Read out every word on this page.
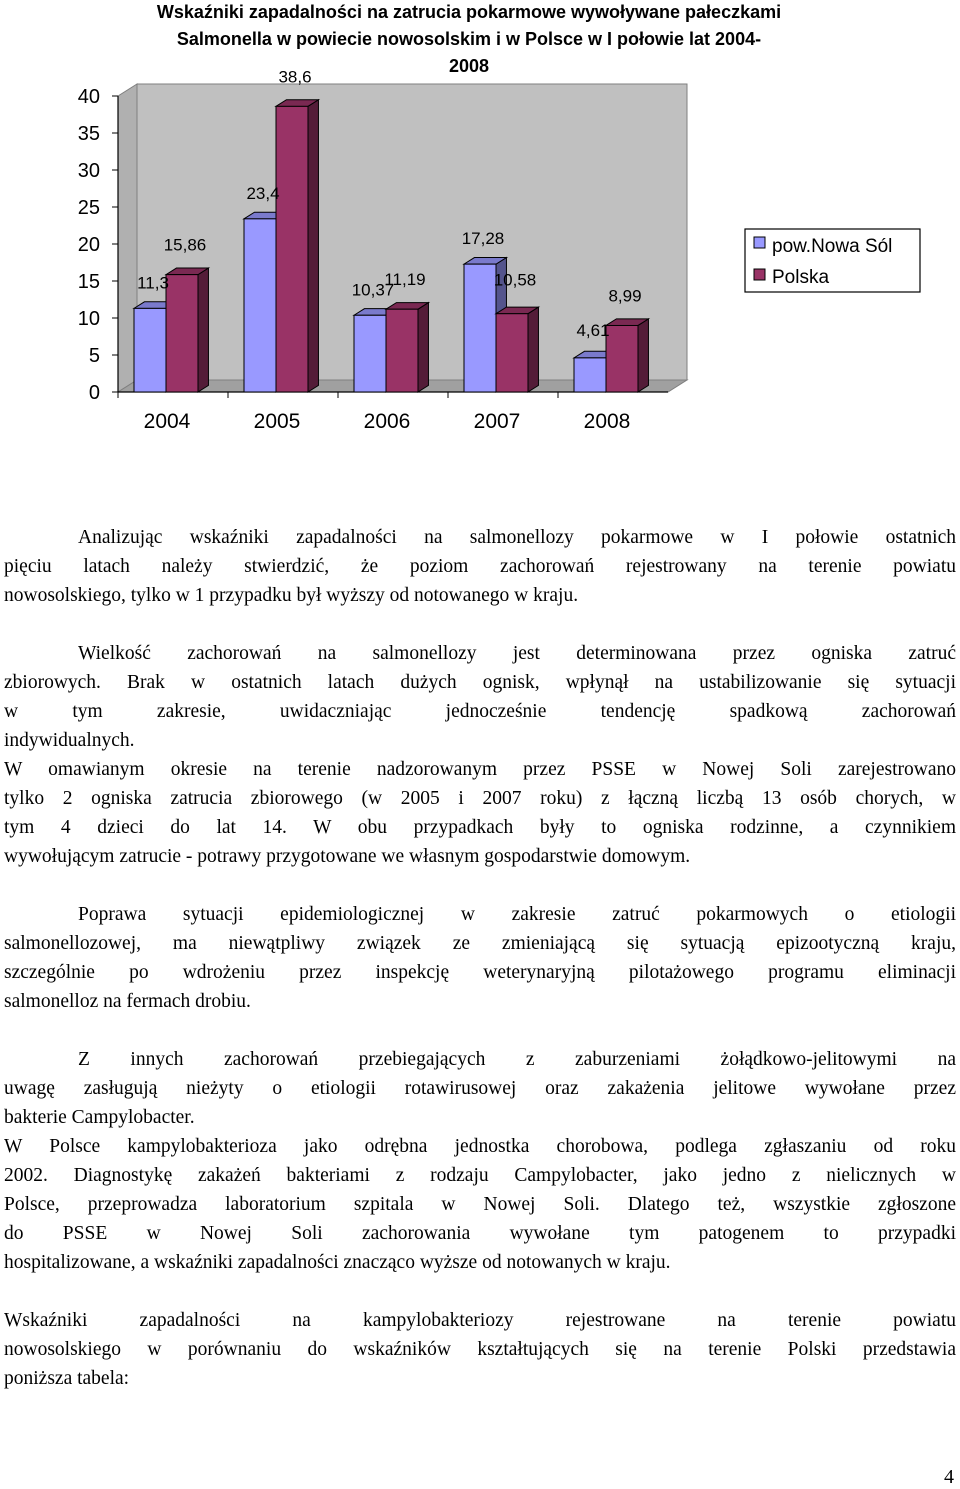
Wskaźniki zapadalności na zatrucia pokarmowe wywoływane pałeczkami
Salmonella w powiecie nowosolskim i w Polsce w I połowie lat 2004-
2008
0
5
10
15
20
25
30
35
40
2004	2005	2006	2007	2008
11,3
15,86
23,4
38,6
10,37
11,19
17,28
10,58
4,61
8,99
pow.Nowa Sól
Polska

Analizując wskaźniki zapadalności na salmonellozy pokarmowe w I połowie ostatnich

pięciu latach należy stwierdzić, że poziom zachorowań rejestrowany na terenie powiatu

nowosolskiego, tylko w 1 przypadku był wyższy od notowanego w kraju.

Wielkość zachorowań na salmonellozy jest determinowana przez ogniska zatruć

zbiorowych. Brak w ostatnich latach dużych ognisk, wpłynął na ustabilizowanie się sytuacji

w tym zakresie, uwidaczniając jednocześnie tendencję spadkową zachorowań

indywidualnych.

W omawianym okresie na terenie nadzorowanym przez PSSE w Nowej Soli zarejestrowano

tylko 2 ogniska zatrucia zbiorowego (w 2005 i 2007 roku) z łączną liczbą 13 osób chorych, w

tym 4 dzieci do lat 14. W obu przypadkach były to ogniska rodzinne, a czynnikiem

wywołującym zatrucie - potrawy przygotowane we własnym gospodarstwie domowym.

Poprawa sytuacji epidemiologicznej w zakresie zatruć pokarmowych o etiologii

salmonellozowej, ma niewątpliwy związek ze zmieniającą się sytuacją epizootyczną kraju,

szczególnie po wdrożeniu przez inspekcję weterynaryjną pilotażowego programu eliminacji

salmonelloz na fermach drobiu.

Z innych zachorowań przebiegających z zaburzeniami żołądkowo-jelitowymi na

uwagę zasługują nieżyty o etiologii rotawirusowej oraz zakażenia jelitowe wywołane przez

bakterie Campylobacter.

W Polsce kampylobakterioza jako odrębna jednostka chorobowa, podlega zgłaszaniu od roku

2002. Diagnostykę zakażeń bakteriami z rodzaju Campylobacter, jako jedno z nielicznych w

Polsce, przeprowadza laboratorium szpitala w Nowej Soli. Dlatego też, wszystkie zgłoszone

do PSSE w Nowej Soli zachorowania wywołane tym patogenem to przypadki

hospitalizowane, a wskaźniki zapadalności znacząco wyższe od notowanych w kraju.

Wskaźniki zapadalności na kampylobakteriozy rejestrowane na terenie powiatu

nowosolskiego w porównaniu do wskaźników kształtujących się na terenie Polski przedstawia

poniższa tabela:

4
